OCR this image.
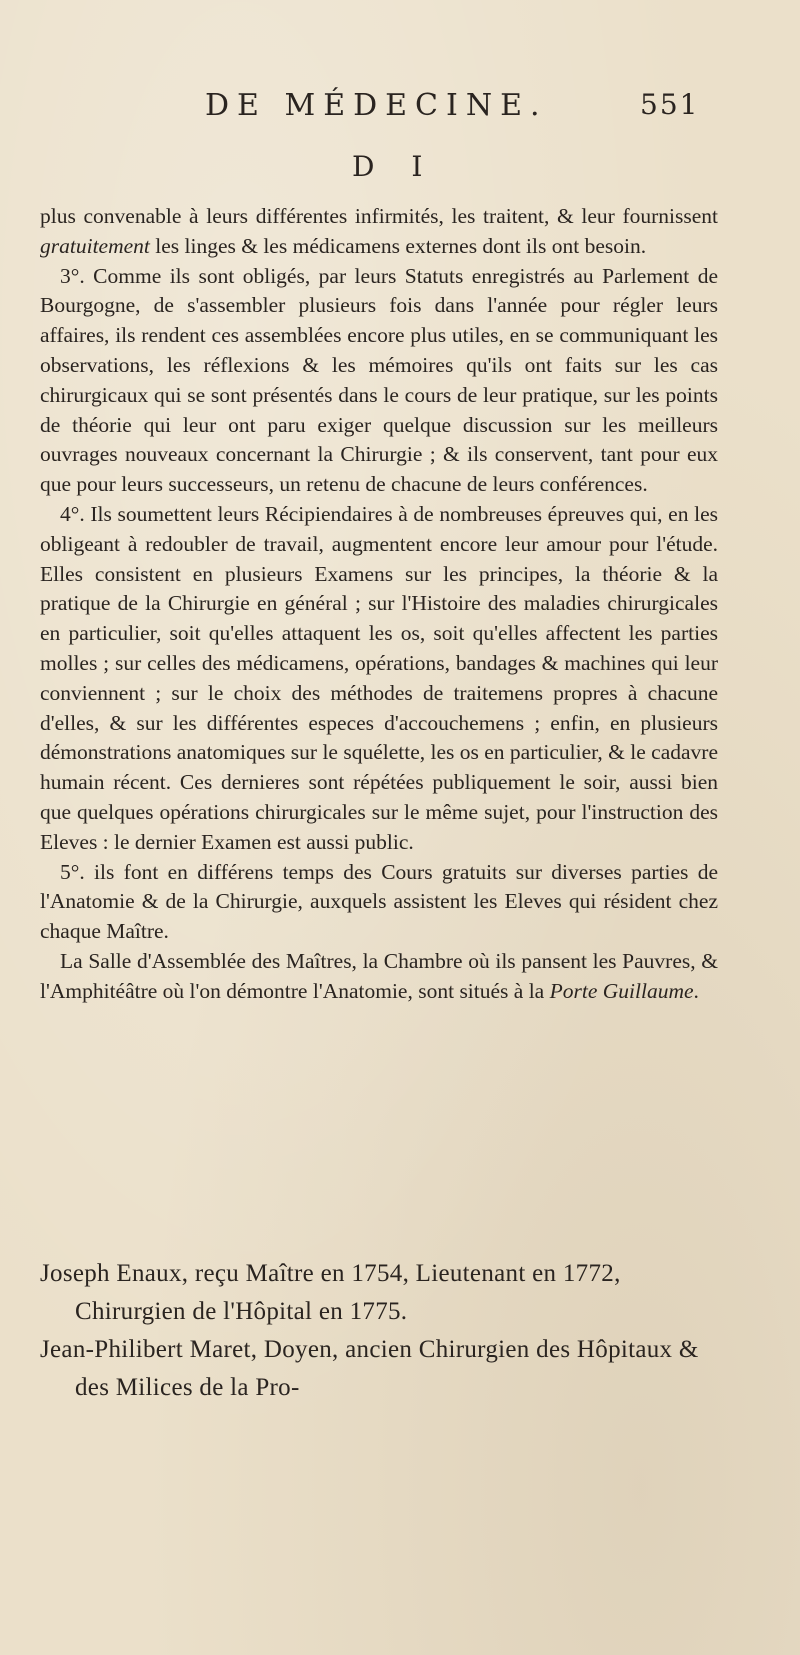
DE MÉDECINE.	551
D I

plus convenable à leurs différentes infirmités, les traitent, & leur fournissent gratuitement les linges & les médicamens externes dont ils ont besoin.

3°. Comme ils sont obligés, par leurs Statuts enregistrés au Parlement de Bourgogne, de s'assembler plusieurs fois dans l'année pour régler leurs affaires, ils rendent ces assemblées encore plus utiles, en se communiquant les observations, les réflexions & les mémoires qu'ils ont faits sur les cas chirurgicaux qui se sont présentés dans le cours de leur pratique, sur les points de théorie qui leur ont paru exiger quelque discussion sur les meilleurs ouvrages nouveaux concernant la Chirurgie ; & ils conservent, tant pour eux que pour leurs successeurs, un retenu de chacune de leurs conférences.

4°. Ils soumettent leurs Récipiendaires à de nombreuses épreuves qui, en les obligeant à redoubler de travail, augmentent encore leur amour pour l'étude. Elles consistent en plusieurs Examens sur les principes, la théorie & la pratique de la Chirurgie en général ; sur l'Histoire des maladies chirurgicales en particulier, soit qu'elles attaquent les os, soit qu'elles affectent les parties molles ; sur celles des médicamens, opérations, bandages & machines qui leur conviennent ; sur le choix des méthodes de traitemens propres à chacune d'elles, & sur les différentes especes d'accouchemens ; enfin, en plusieurs démonstrations anatomiques sur le squélette, les os en particulier, & le cadavre humain récent. Ces dernieres sont répétées publiquement le soir, aussi bien que quelques opérations chirurgicales sur le même sujet, pour l'instruction des Eleves : le dernier Examen est aussi public.

5°. ils font en différens temps des Cours gratuits sur diverses parties de l'Anatomie & de la Chirurgie, auxquels assistent les Eleves qui résident chez chaque Maître.

La Salle d'Assemblée des Maîtres, la Chambre où ils pansent les Pauvres, & l'Amphitéâtre où l'on démontre l'Anatomie, sont situés à la Porte Guillaume.

Joseph Enaux, reçu Maître en 1754, Lieutenant en 1772, Chirurgien de l'Hôpital en 1775.

Jean-Philibert Maret, Doyen, ancien Chirurgien des Hôpitaux & des Milices de la Pro-
